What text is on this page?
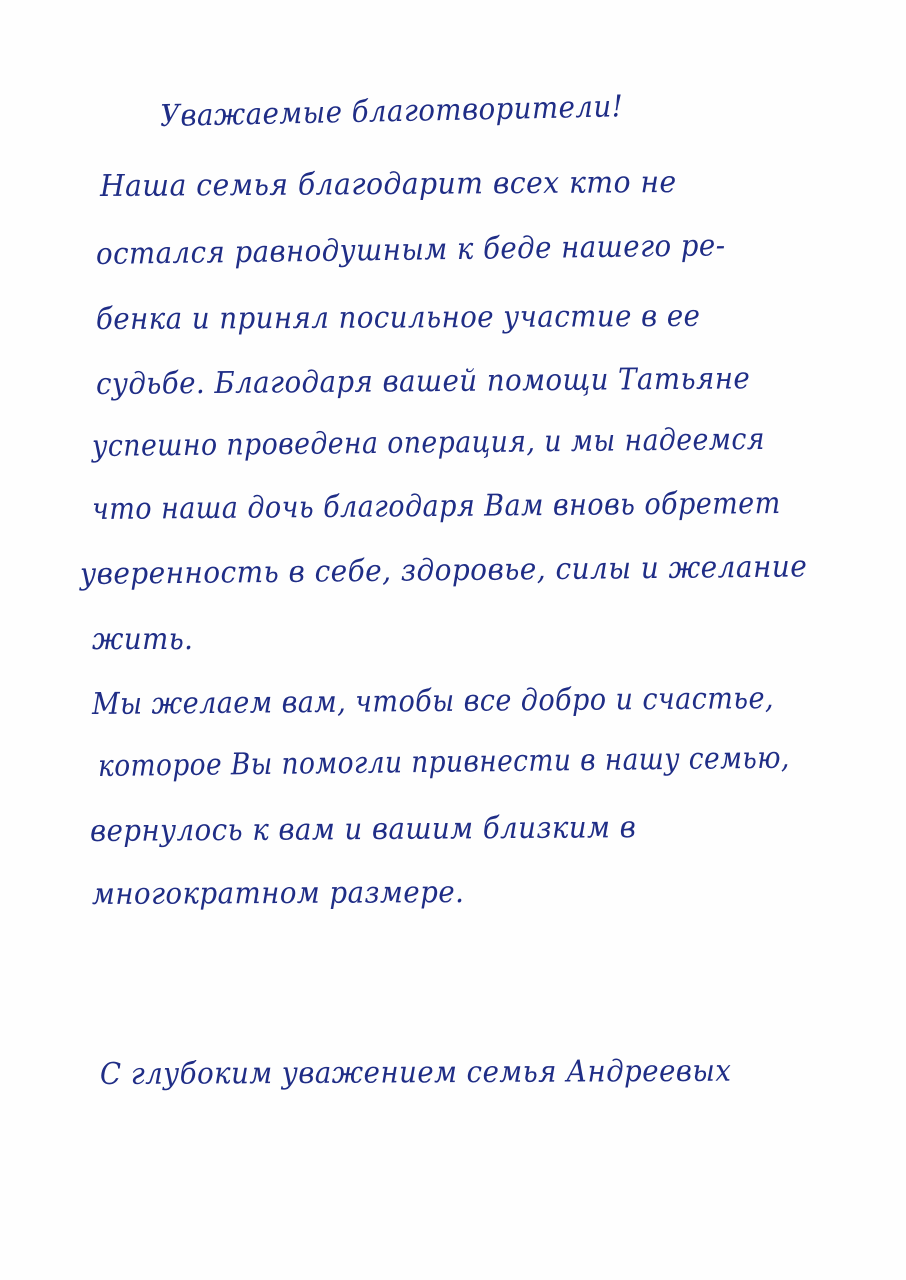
Уважаемые благотворители!
Наша семья благодарит всех кто не
остался равнодушным к беде нашего ре-
бенка и принял посильное участие в ее
судьбе. Благодаря вашей помощи Татьяне
успешно проведена операция, и мы надеемся
что наша дочь благодаря Вам вновь обретет
уверенность в себе, здоровье, силы и желание
жить.
Мы желаем вам, чтобы все добро и счастье,
которое Вы помогли привнести в нашу семью,
вернулось к вам и вашим близким в
многократном размере.
С глубоким уважением семья Андреевых
